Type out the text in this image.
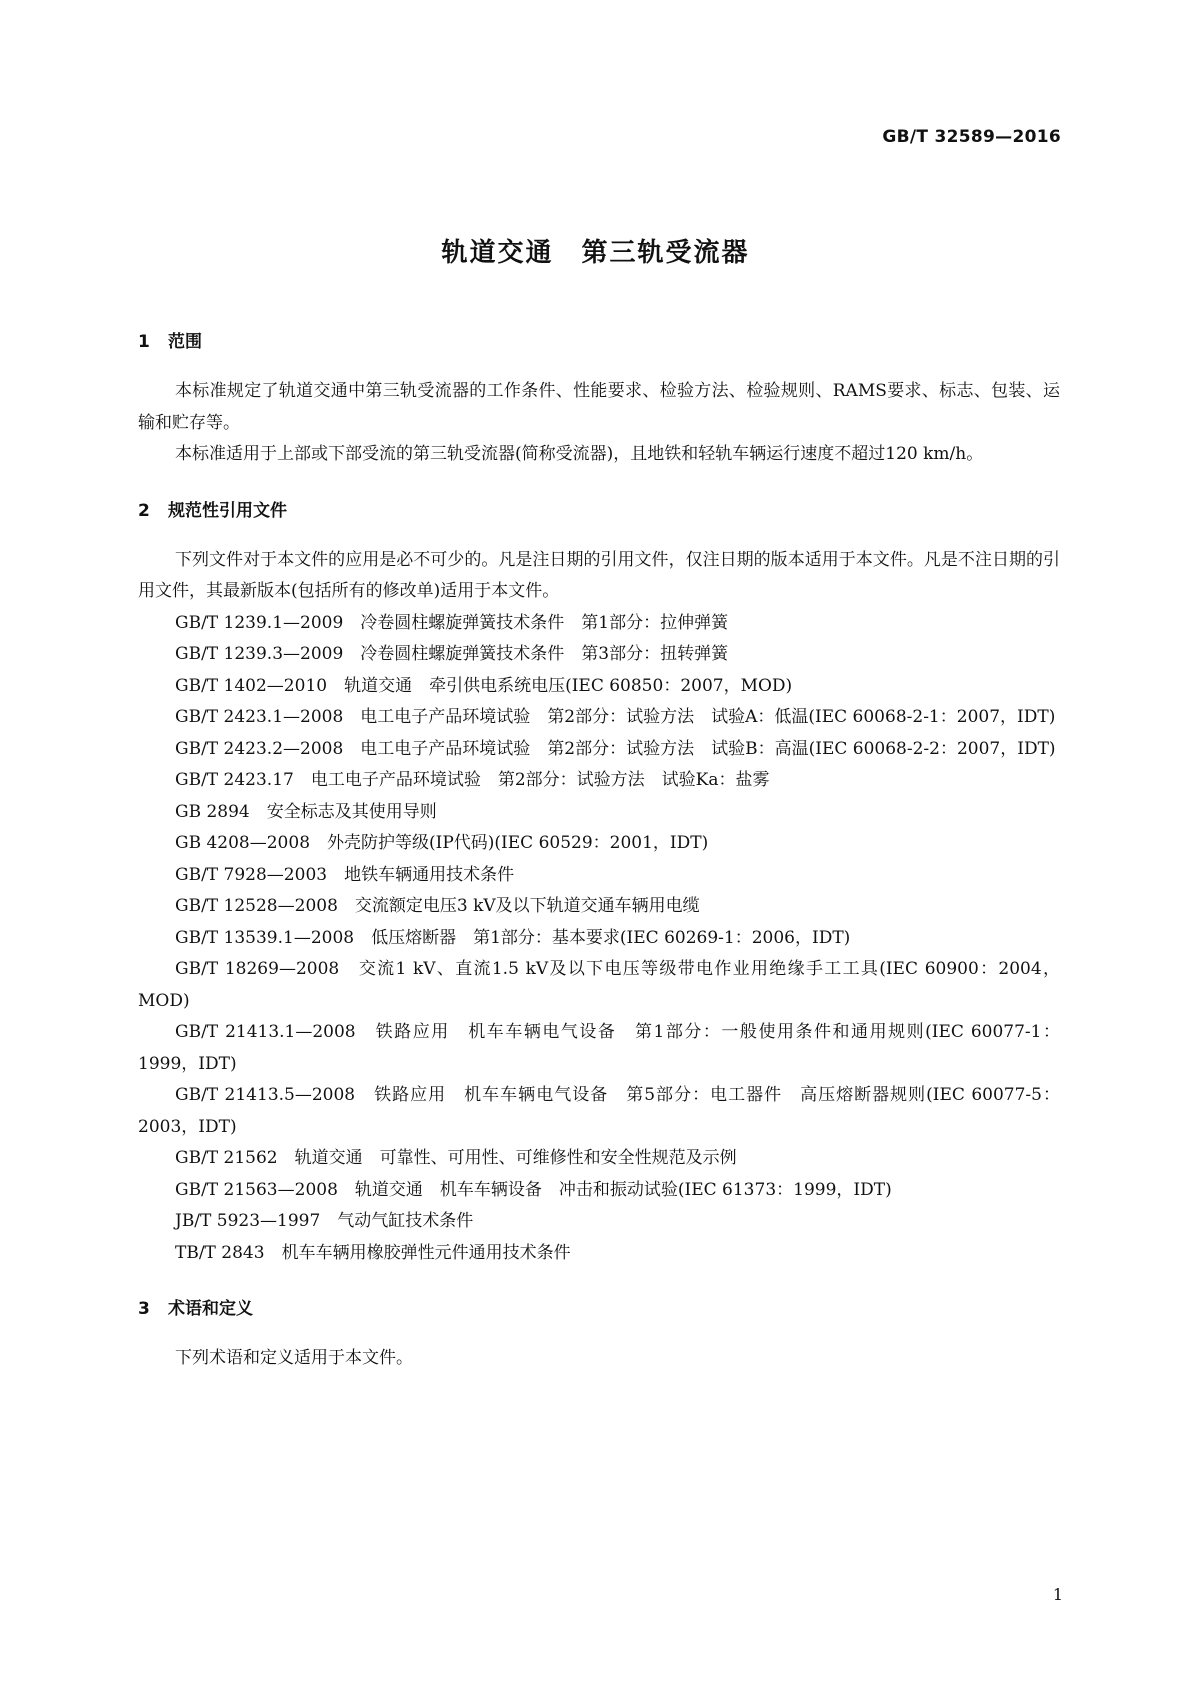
GB/T 32589—2016
轨道交通　第三轨受流器
1 范围

本标准规定了轨道交通中第三轨受流器的工作条件、性能要求、检验方法、检验规则、RAMS要求、标志、包装、运输和贮存等。

本标准适用于上部或下部受流的第三轨受流器(简称受流器)，且地铁和轻轨车辆运行速度不超过120 km/h。

2 规范性引用文件

下列文件对于本文件的应用是必不可少的。凡是注日期的引用文件，仅注日期的版本适用于本文件。凡是不注日期的引用文件，其最新版本(包括所有的修改单)适用于本文件。

GB/T 1239.1—2009　冷卷圆柱螺旋弹簧技术条件　第1部分：拉伸弹簧

GB/T 1239.3—2009　冷卷圆柱螺旋弹簧技术条件　第3部分：扭转弹簧

GB/T 1402—2010　轨道交通　牵引供电系统电压(IEC 60850：2007，MOD)

GB/T 2423.1—2008　电工电子产品环境试验　第2部分：试验方法　试验A：低温(IEC 60068-2-1：2007，IDT)

GB/T 2423.2—2008　电工电子产品环境试验　第2部分：试验方法　试验B：高温(IEC 60068-2-2：2007，IDT)

GB/T 2423.17　电工电子产品环境试验　第2部分：试验方法　试验Ka：盐雾

GB 2894　安全标志及其使用导则

GB 4208—2008　外壳防护等级(IP代码)(IEC 60529：2001，IDT)

GB/T 7928—2003　地铁车辆通用技术条件

GB/T 12528—2008　交流额定电压3 kV及以下轨道交通车辆用电缆

GB/T 13539.1—2008　低压熔断器　第1部分：基本要求(IEC 60269-1：2006，IDT)

GB/T 18269—2008　交流1 kV、直流1.5 kV及以下电压等级带电作业用绝缘手工工具(IEC 60900：2004，MOD)

GB/T 21413.1—2008　铁路应用　机车车辆电气设备　第1部分：一般使用条件和通用规则(IEC 60077-1：1999，IDT)

GB/T 21413.5—2008　铁路应用　机车车辆电气设备　第5部分：电工器件　高压熔断器规则(IEC 60077-5：2003，IDT)

GB/T 21562　轨道交通　可靠性、可用性、可维修性和安全性规范及示例

GB/T 21563—2008　轨道交通　机车车辆设备　冲击和振动试验(IEC 61373：1999，IDT)

JB/T 5923—1997　气动气缸技术条件

TB/T 2843　机车车辆用橡胶弹性元件通用技术条件

3 术语和定义

下列术语和定义适用于本文件。

1
